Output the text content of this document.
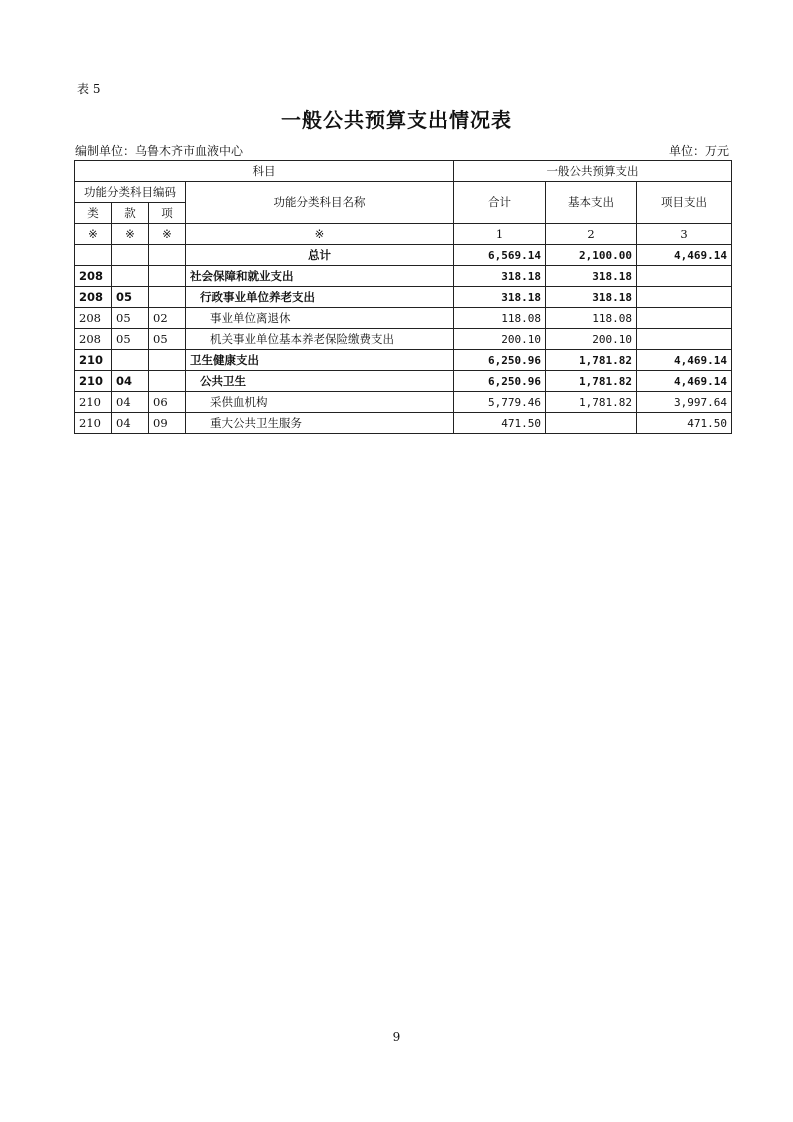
表 5
一般公共预算支出情况表
编制单位：乌鲁木齐市血液中心	单位：万元
科目				一般公共预算支出		
功能分类科目编码			功能分类科目名称	合计	基本支出	项目支出
类	款	项				
※	※	※	※	1	2	3
			总计	6,569.14	2,100.00	4,469.14
208			社会保障和就业支出	318.18	318.18	
208	05		行政事业单位养老支出	318.18	318.18	
208	05	02	事业单位离退休	118.08	118.08	
208	05	05	机关事业单位基本养老保险缴费支出	200.10	200.10	
210			卫生健康支出	6,250.96	1,781.82	4,469.14
210	04		公共卫生	6,250.96	1,781.82	4,469.14
210	04	06	采供血机构	5,779.46	1,781.82	3,997.64
210	04	09	重大公共卫生服务	471.50		471.50
9
